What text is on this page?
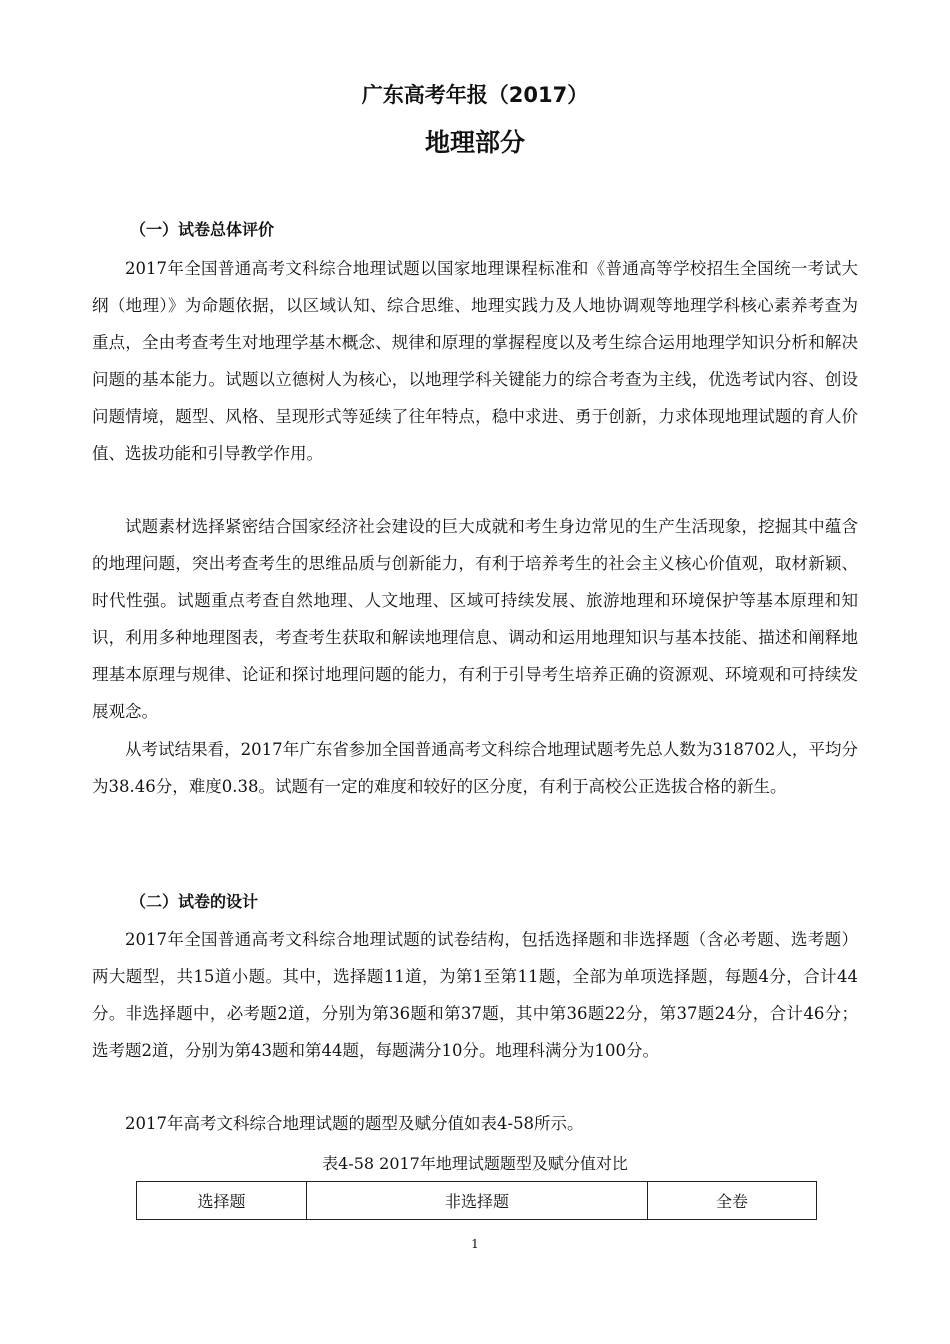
广东高考年报（2017）
地理部分
（一）试卷总体评价

2017年全国普通高考文科综合地理试题以国家地理课程标准和《普通高等学校招生全国统一考试大纲（地理）》为命题依据，以区域认知、综合思维、地理实践力及人地协调观等地理学科核心素养考查为重点，全由考查考生对地理学基木概念、规律和原理的掌握程度以及考生综合运用地理学知识分析和解决问题的基本能力。试题以立德树人为核心，以地理学科关键能力的综合考查为主线，优选考试内容、创设问题情境，题型、风格、呈现形式等延续了往年特点，稳中求进、勇于创新，力求体现地理试题的育人价值、选拔功能和引导教学作用。

试题素材选择紧密结合国家经济社会建设的巨大成就和考生身边常见的生产生活现象，挖掘其中蕴含的地理问题，突出考查考生的思维品质与创新能力，有利于培养考生的社会主义核心价值观，取材新颖、时代性强。试题重点考查自然地理、人文地理、区域可持续发展、旅游地理和环境保护等基本原理和知识，利用多种地理图表，考查考生获取和解读地理信息、调动和运用地理知识与基本技能、描述和阐释地理基本原理与规律、论证和探讨地理问题的能力，有利于引导考生培养正确的资源观、环境观和可持续发展观念。

从考试结果看，2017年广东省参加全国普通高考文科综合地理试题考先总人数为318702人，平均分为38.46分，难度0.38。试题有一定的难度和较好的区分度，有利于高校公正选拔合格的新生。

（二）试卷的设计

2017年全国普通高考文科综合地理试题的试卷结构，包括选择题和非选择题（含必考题、选考题）两大题型，共15道小题。其中，选择题11道，为第1至第11题，全部为单项选择题，每题4分，合计44分。非选择题中，必考题2道，分别为第36题和第37题，其中第36题22分，第37题24分，合计46分；选考题2道，分别为第43题和第44题，每题满分10分。地理科满分为100分。

2017年高考文科综合地理试题的题型及赋分值如表4-58所示。

表4-58 2017年地理试题题型及赋分值对比
选择题	非选择题	全卷
1
